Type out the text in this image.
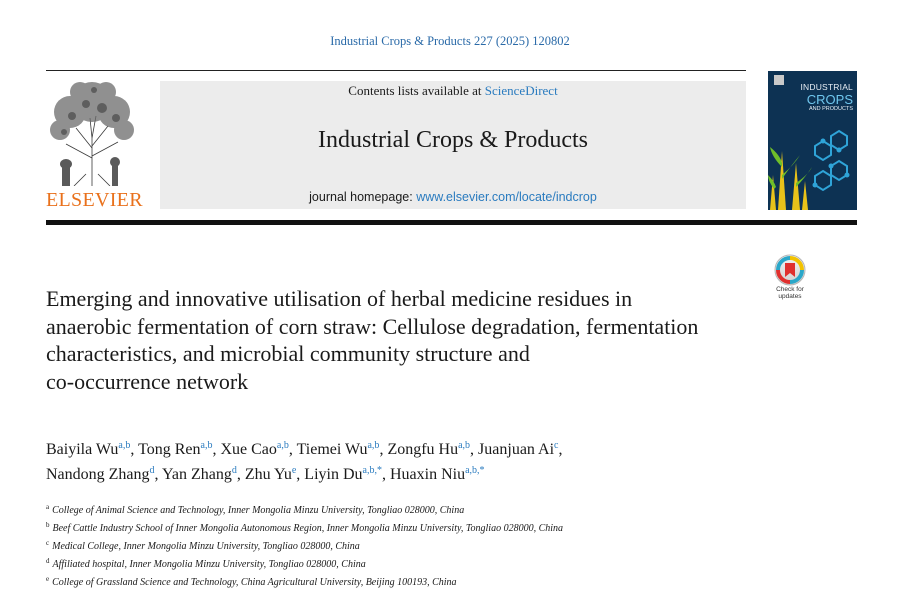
Industrial Crops & Products 227 (2025) 120802
ELSEVIER
Contents lists available at ScienceDirect
Industrial Crops & Products
journal homepage: www.elsevier.com/locate/indcrop
INDUSTRIAL
CROPS
AND PRODUCTS
Check for updates
Emerging and innovative utilisation of herbal medicine residues in
anaerobic fermentation of corn straw: Cellulose degradation, fermentation
characteristics, and microbial community structure and
co-occurrence network
Baiyila Wu$^{a,b}$, Tong Ren$^{a,b}$, Xue Cao$^{a,b}$, Tiemei Wu$^{a,b}$, Zongfu Hu$^{a,b}$, Juanjuan Ai$^c$,
Nandong Zhang$^d$, Yan Zhang$^d$, Zhu Yu$^e$, Liyin $Du^{a,b,*}$, Huaxin Niu$^{a,b,*}$
$^a$ College of Animal Science and Technology, Inner Mongolia Minzu University, Tongliao 028000, China
$^b$ Beef Cattle Industry School of Inner Mongolia Autonomous Region, Inner Mongolia Minzu University, Tongliao 028000, China
$^c$ Medical College, Inner Mongolia Minzu University, Tongliao 028000, China
$^d$ Affiliated hospital, Inner Mongolia Minzu University, Tongliao 028000, China
$^e$ College of Grassland Science and Technology, China Agricultural University, Beijing 100193, China
